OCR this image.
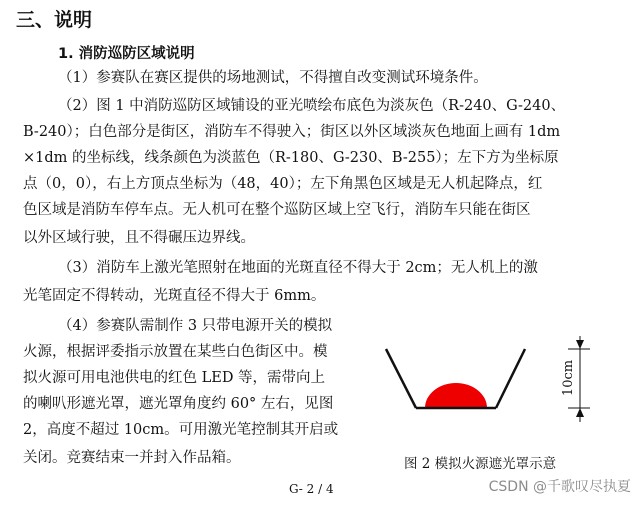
三、说明
1. 消防巡防区域说明
（1）参赛队在赛区提供的场地测试，不得擅自改变测试环境条件。
（2）图 1 中消防巡防区域铺设的亚光喷绘布底色为淡灰色（R-240、G-240、
B-240）；白色部分是街区，消防车不得驶入；街区以外区域淡灰色地面上画有 1dm
×1dm 的坐标线，线条颜色为淡蓝色（R-180、G-230、B-255）；左下方为坐标原
点（0，0），右上方顶点坐标为（48，40）；左下角黑色区域是无人机起降点，红
色区域是消防车停车点。无人机可在整个巡防区域上空飞行，消防车只能在街区
以外区域行驶，且不得碾压边界线。
（3）消防车上激光笔照射在地面的光斑直径不得大于 2cm；无人机上的激
光笔固定不得转动，光斑直径不得大于 6mm。
（4）参赛队需制作 3 只带电源开关的模拟
火源，根据评委指示放置在某些白色街区中。模
拟火源可用电池供电的红色 LED 等，需带向上
的喇叭形遮光罩，遮光罩角度约 60° 左右，见图
2，高度不超过 10cm。可用激光笔控制其开启或
关闭。竞赛结束一并封入作品箱。
10cm
图 2 模拟火源遮光罩示意
G- 2 / 4	CSDN @千歌叹尽执夏
